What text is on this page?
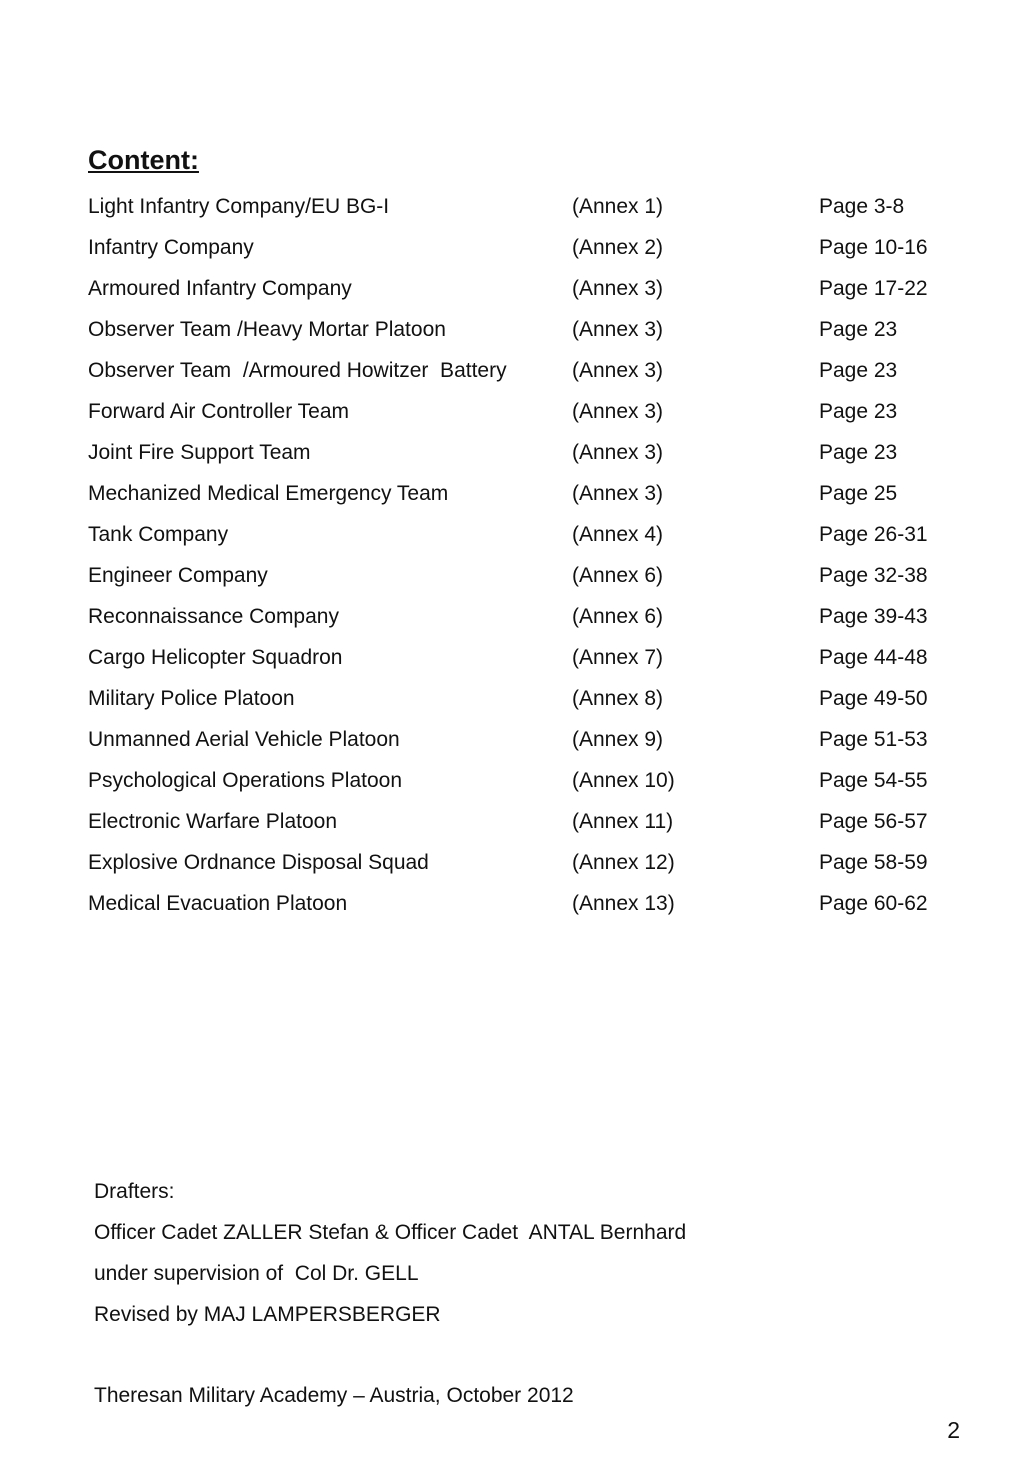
Content:
Light Infantry Company/EU BG-I	(Annex 1)	Page 3-8
Infantry Company	(Annex 2)	Page 10-16
Armoured Infantry Company	(Annex 3)	Page 17-22
Observer Team /Heavy Mortar Platoon	(Annex 3)	Page 23
Observer Team  /Armoured Howitzer  Battery	(Annex 3)	Page 23
Forward Air Controller Team	(Annex 3)	Page 23
Joint Fire Support Team	(Annex 3)	Page 23
Mechanized Medical Emergency Team	(Annex 3)	Page 25
Tank Company	(Annex 4)	Page 26-31
Engineer Company	(Annex 6)	Page 32-38
Reconnaissance Company	(Annex 6)	Page 39-43
Cargo Helicopter Squadron	(Annex 7)	Page 44-48
Military Police Platoon	(Annex 8)	Page 49-50
Unmanned Aerial Vehicle Platoon	(Annex 9)	Page 51-53
Psychological Operations Platoon	(Annex 10)	Page 54-55
Electronic Warfare Platoon	(Annex 11)	Page 56-57
Explosive Ordnance Disposal Squad	(Annex 12)	Page 58-59
Medical Evacuation Platoon	(Annex 13)	Page 60-62
Drafters:
Officer Cadet ZALLER Stefan & Officer Cadet  ANTAL Bernhard
under supervision of  Col Dr. GELL
Revised by MAJ LAMPERSBERGER
Theresan Military Academy – Austria, October 2012
2
